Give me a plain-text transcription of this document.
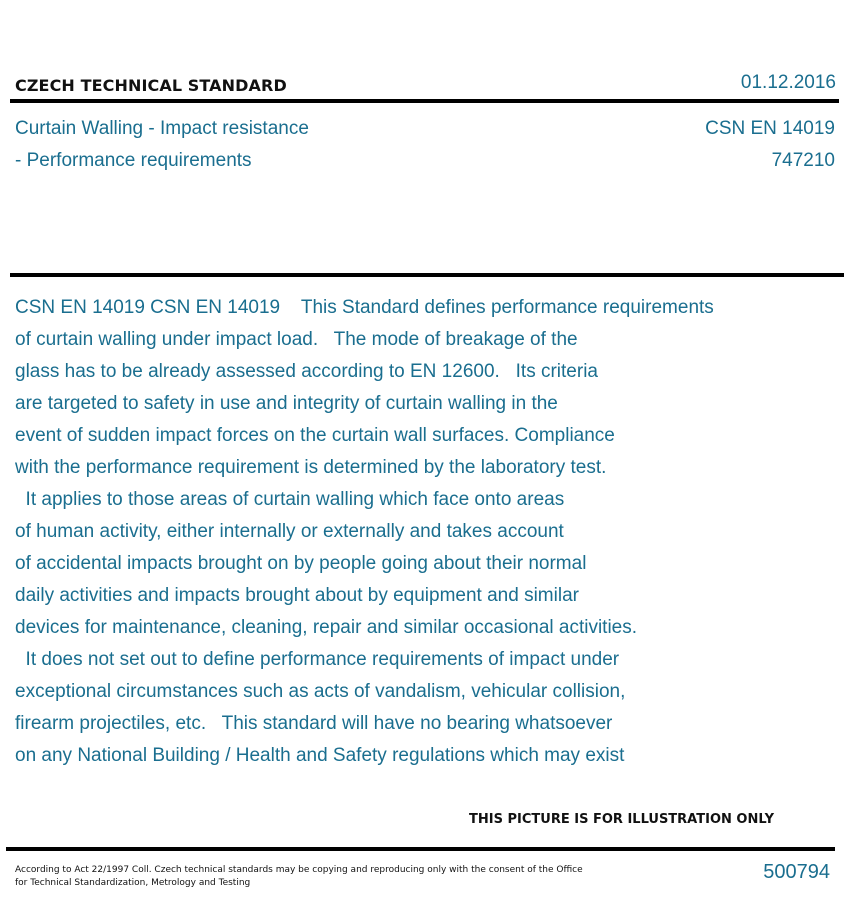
CZECH TECHNICAL STANDARD	01.12.2016
Curtain Walling - Impact resistance
- Performance requirements
CSN EN 14019
747210
CSN EN 14019 CSN EN 14019    This Standard defines performance requirements
of curtain walling under impact load.   The mode of breakage of the
glass has to be already assessed according to EN 12600.   Its criteria
are targeted to safety in use and integrity of curtain walling in the
event of sudden impact forces on the curtain wall surfaces. Compliance
with the performance requirement is determined by the laboratory test.
It applies to those areas of curtain walling which face onto areas
of human activity, either internally or externally and takes account
of accidental impacts brought on by people going about their normal
daily activities and impacts brought about by equipment and similar
devices for maintenance, cleaning, repair and similar occasional activities.
It does not set out to define performance requirements of impact under
exceptional circumstances such as acts of vandalism, vehicular collision,
firearm projectiles, etc.   This standard will have no bearing whatsoever
on any National Building / Health and Safety regulations which may exist
THIS PICTURE IS FOR ILLUSTRATION ONLY
According to Act 22/1997 Coll. Czech technical standards may be copying and reproducing only with the consent of the Office
for Technical Standardization, Metrology and Testing	500794
